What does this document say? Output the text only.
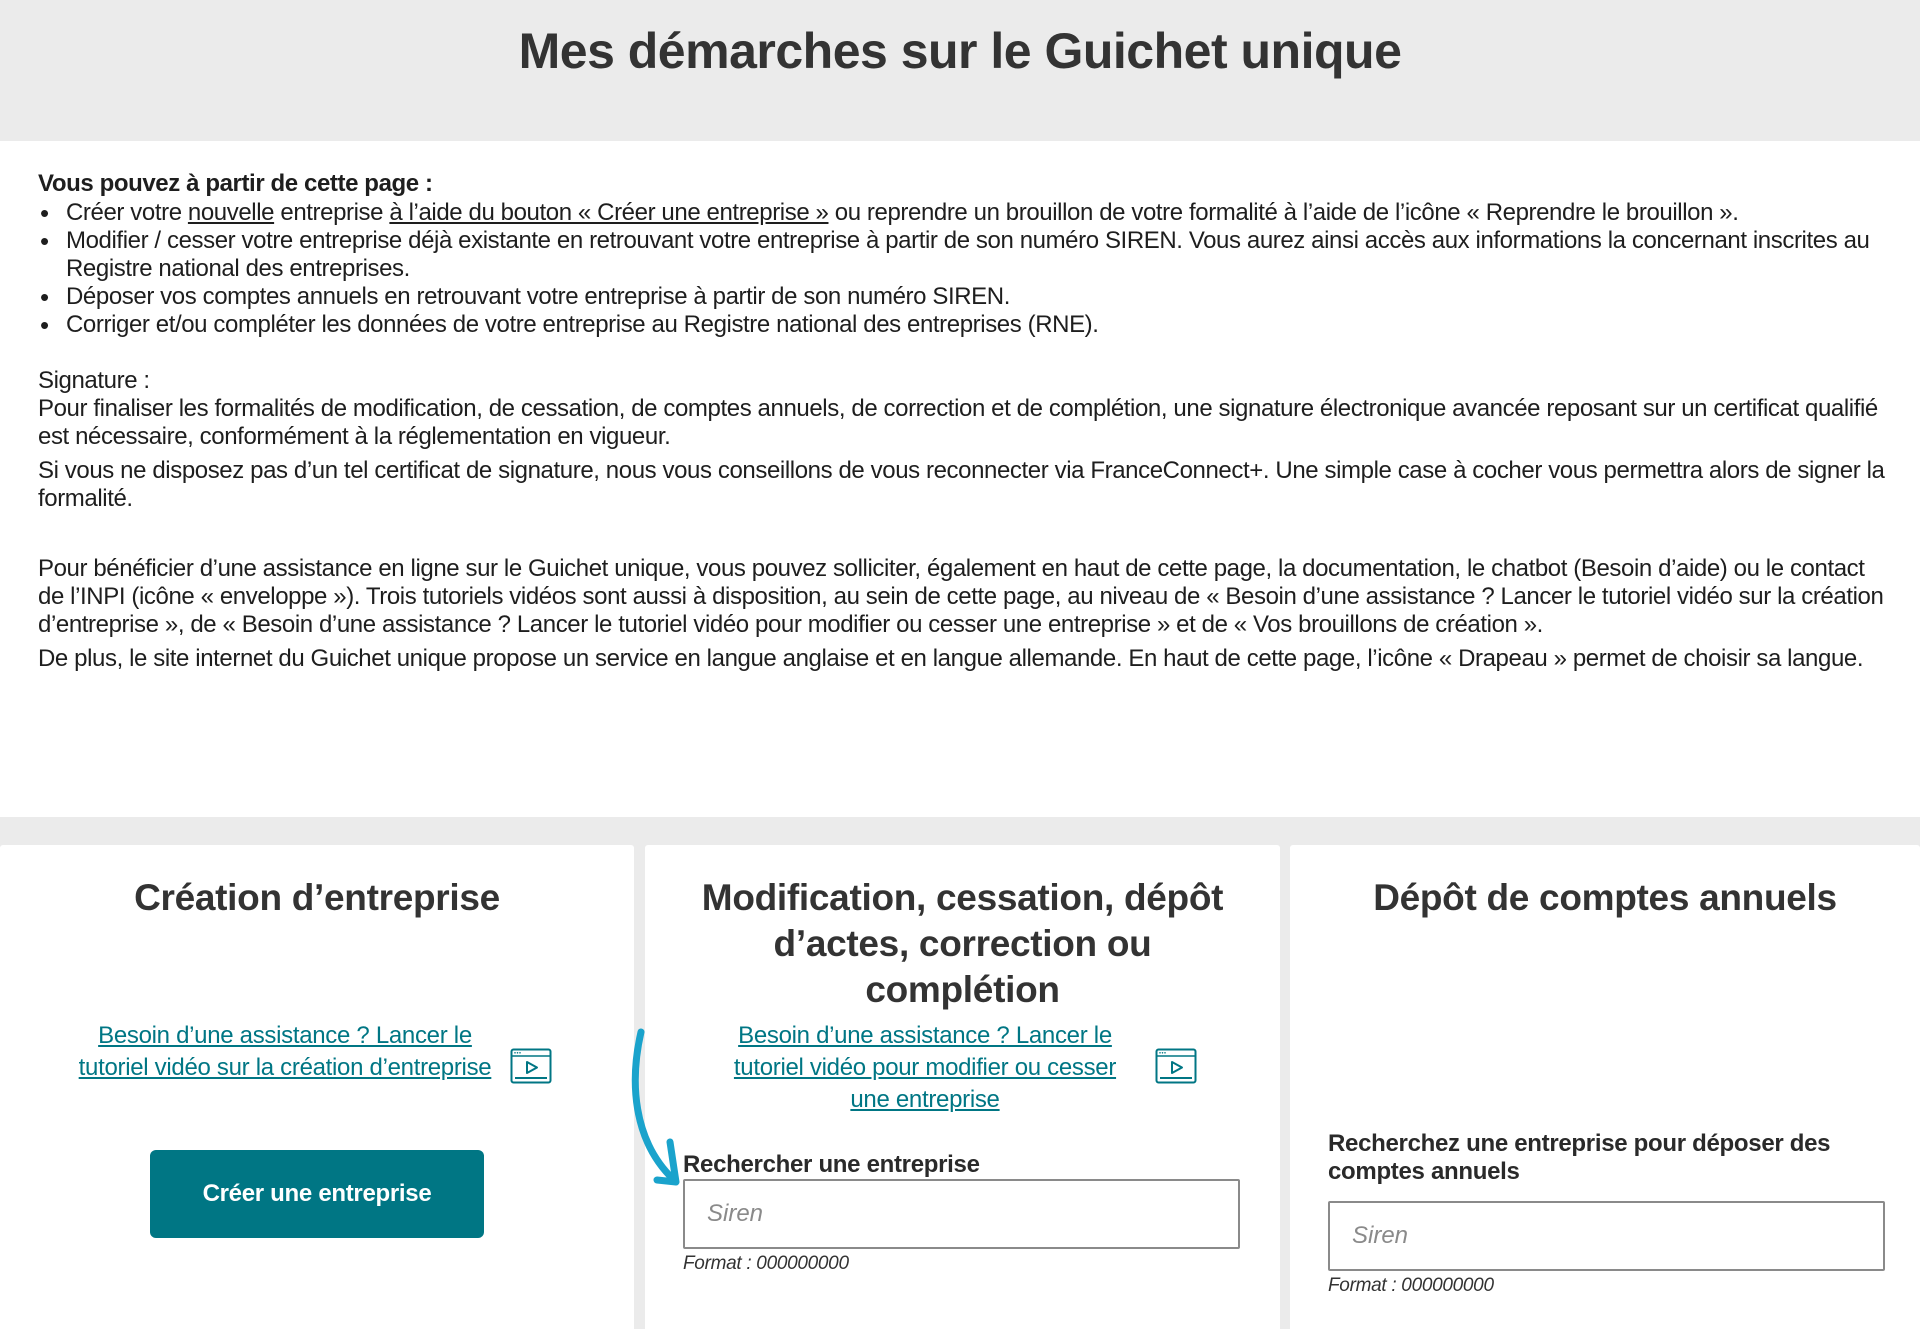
Mes démarches sur le Guichet unique

Vous pouvez à partir de cette page :

• Créer votre nouvelle entreprise à l’aide du bouton « Créer une entreprise » ou reprendre un brouillon de votre formalité à l’aide de l’icône « Reprendre le brouillon ».
• Modifier / cesser votre entreprise déjà existante en retrouvant votre entreprise à partir de son numéro SIREN. Vous aurez ainsi accès aux informations la concernant inscrites au Registre national des entreprises.
• Déposer vos comptes annuels en retrouvant votre entreprise à partir de son numéro SIREN.
• Corriger et/ou compléter les données de votre entreprise au Registre national des entreprises (RNE).

Signature :

Pour finaliser les formalités de modification, de cessation, de comptes annuels, de correction et de complétion, une signature électronique avancée reposant sur un certificat qualifié est nécessaire, conformément à la réglementation en vigueur.

Si vous ne disposez pas d’un tel certificat de signature, nous vous conseillons de vous reconnecter via FranceConnect+. Une simple case à cocher vous permettra alors de signer la formalité.

Pour bénéficier d’une assistance en ligne sur le Guichet unique, vous pouvez solliciter, également en haut de cette page, la documentation, le chatbot (Besoin d’aide) ou le contact de l’INPI (icône « enveloppe »). Trois tutoriels vidéos sont aussi à disposition, au sein de cette page, au niveau de « Besoin d’une assistance ? Lancer le tutoriel vidéo sur la création d’entreprise », de « Besoin d’une assistance ? Lancer le tutoriel vidéo pour modifier ou cesser une entreprise » et de « Vos brouillons de création ».

De plus, le site internet du Guichet unique propose un service en langue anglaise et en langue allemande. En haut de cette page, l’icône « Drapeau » permet de choisir sa langue.

Création d’entreprise
Besoin d’une assistance ? Lancer le tutoriel vidéo sur la création d’entreprise
Créer une entreprise
Modification, cessation, dépôt d’actes, correction ou complétion
Besoin d’une assistance ? Lancer le tutoriel vidéo pour modifier ou cesser une entreprise
Rechercher une entreprise
Siren
Format : 000000000
Dépôt de comptes annuels
Recherchez une entreprise pour déposer des comptes annuels
Siren
Format : 000000000
